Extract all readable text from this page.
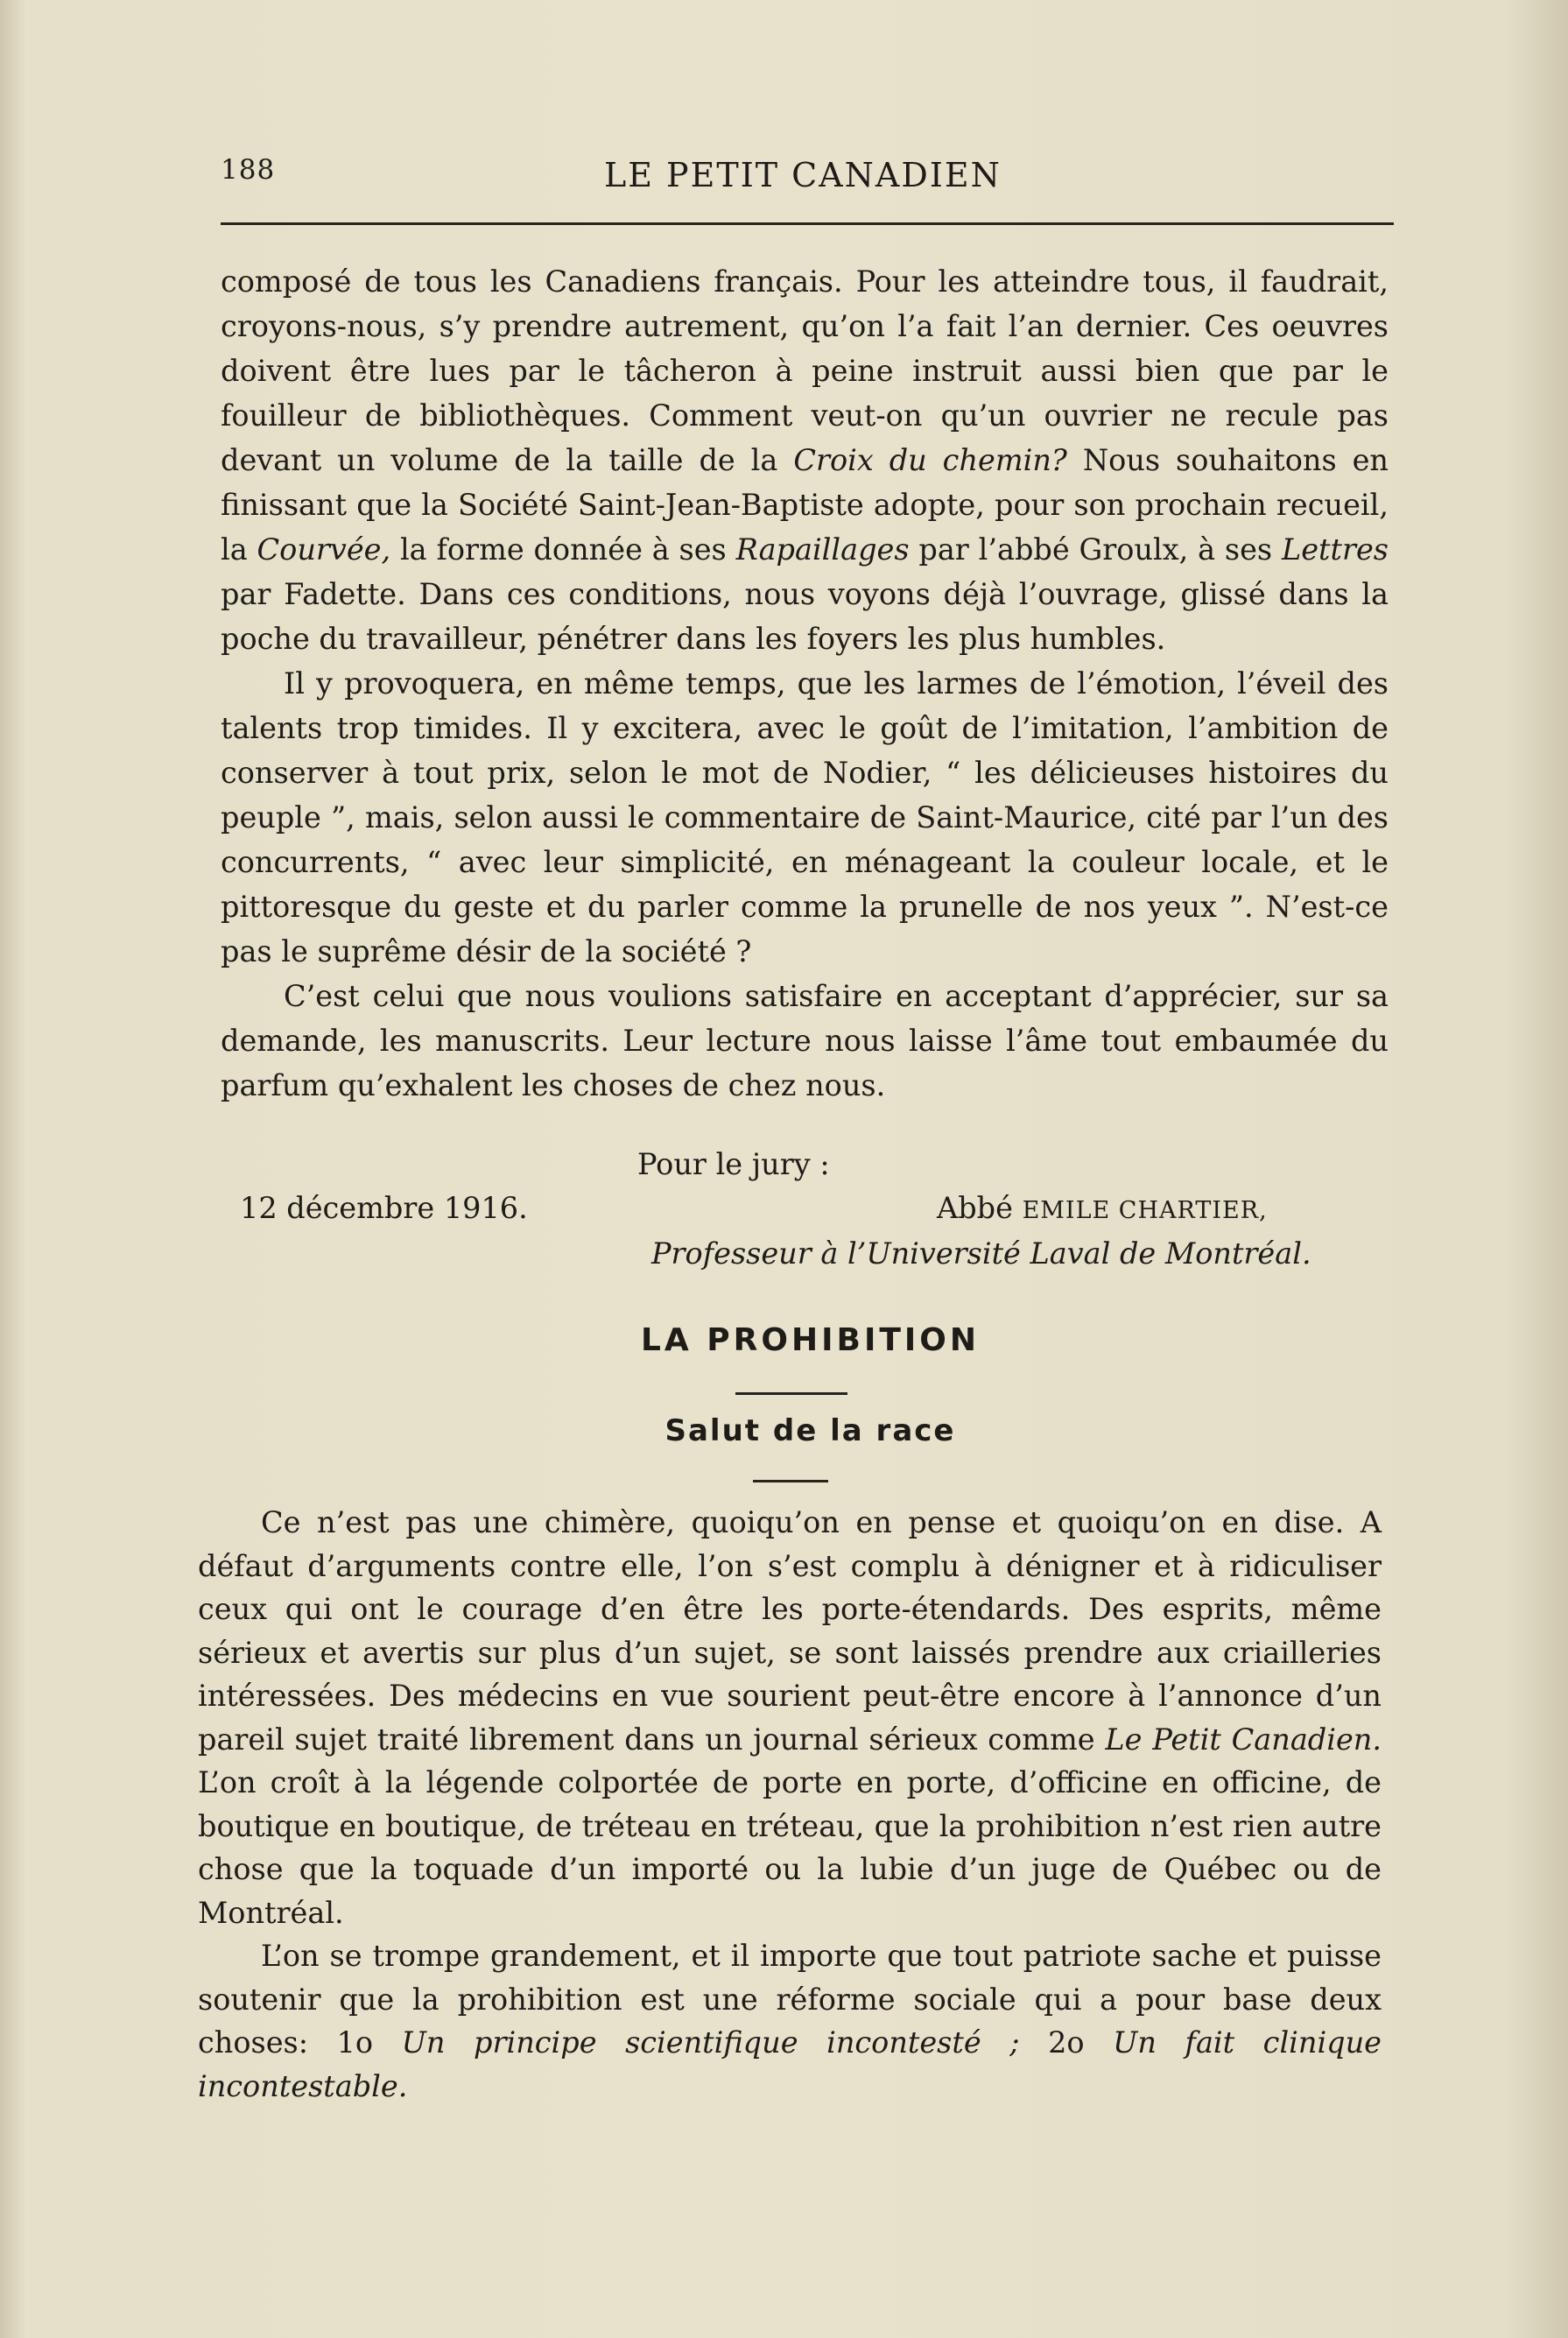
188	LE PETIT CANADIEN

composé de tous les Canadiens français. Pour les atteindre tous, il faudrait, croyons-nous, s’y prendre autrement, qu’on l’a fait l’an dernier. Ces oeuvres doivent être lues par le tâcheron à peine instruit aussi bien que par le fouilleur de bibliothèques. Comment veut-on qu’un ouvrier ne recule pas devant un volume de la taille de la Croix du chemin? Nous souhaitons en finissant que la Société Saint-Jean-Baptiste adopte, pour son prochain recueil, la Courvée, la forme donnée à ses Rapaillages par l’abbé Groulx, à ses Lettres par Fadette. Dans ces conditions, nous voyons déjà l’ouvrage, glissé dans la poche du travailleur, pénétrer dans les foyers les plus humbles.

Il y provoquera, en même temps, que les larmes de l’émotion, l’éveil des talents trop timides. Il y excitera, avec le goût de l’imitation, l’ambition de conserver à tout prix, selon le mot de Nodier, “ les délicieuses histoires du peuple ”, mais, selon aussi le commentaire de Saint-Maurice, cité par l’un des concurrents, “ avec leur simplicité, en ménageant la couleur locale, et le pittoresque du geste et du parler comme la prunelle de nos yeux ”. N’est-ce pas le suprême désir de la société ?

C’est celui que nous voulions satisfaire en acceptant d’apprécier, sur sa demande, les manuscrits. Leur lecture nous laisse l’âme tout embaumée du parfum qu’exhalent les choses de chez nous.

Pour le jury :
12 décembre 1916.	Abbé EMILE CHARTIER,
Professeur à l’Université Laval de Montréal.
LA PROHIBITION
Salut de la race

Ce n’est pas une chimère, quoiqu’on en pense et quoiqu’on en dise. A défaut d’arguments contre elle, l’on s’est complu à dénigner et à ridiculiser ceux qui ont le courage d’en être les porte-étendards. Des esprits, même sérieux et avertis sur plus d’un sujet, se sont laissés prendre aux criailleries intéressées. Des médecins en vue sourient peut-être encore à l’annonce d’un pareil sujet traité librement dans un journal sérieux comme Le Petit Canadien. L’on croît à la légende colportée de porte en porte, d’officine en officine, de boutique en boutique, de tréteau en tréteau, que la prohibition n’est rien autre chose que la toquade d’un importé ou la lubie d’un juge de Québec ou de Montréal.

L’on se trompe grandement, et il importe que tout patriote sache et puisse soutenir que la prohibition est une réforme sociale qui a pour base deux choses: 1o Un principe scientifique incontesté ; 2o Un fait clinique incontestable.
